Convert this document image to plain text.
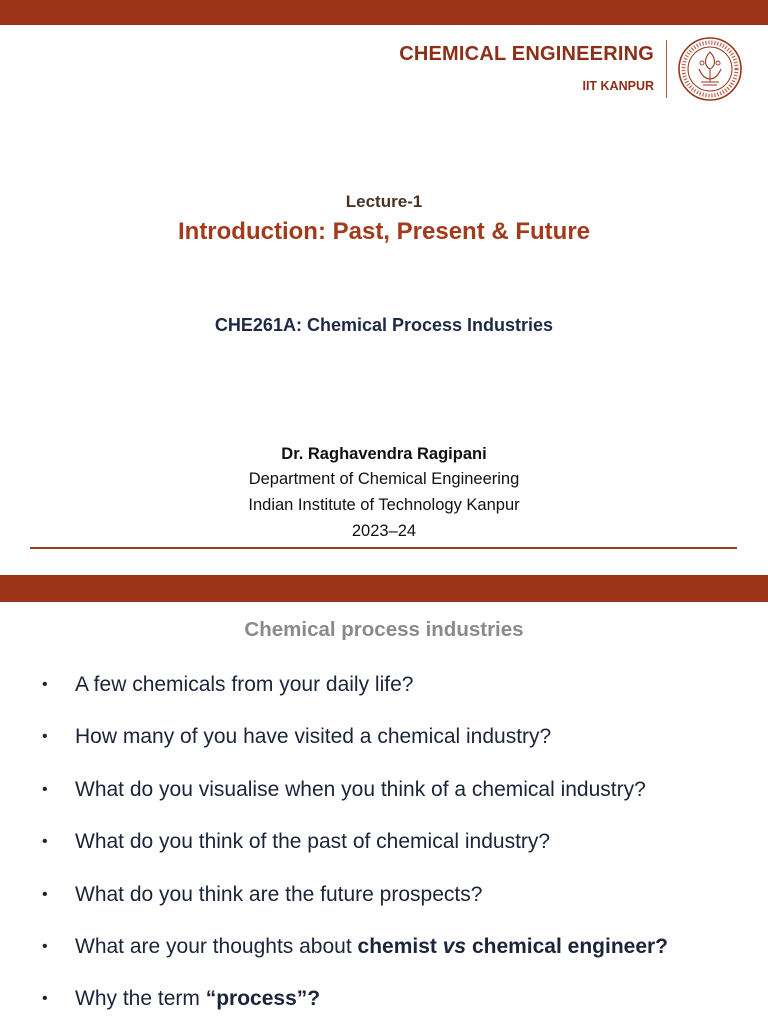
CHEMICAL ENGINEERING
IIT KANPUR
Lecture-1
Introduction: Past, Present & Future
CHE261A: Chemical Process Industries
Dr. Raghavendra Ragipani
Department of Chemical Engineering
Indian Institute of Technology Kanpur
2023–24
Chemical process industries
• A few chemicals from your daily life?
• How many of you have visited a chemical industry?
• What do you visualise when you think of a chemical industry?
• What do you think of the past of chemical industry?
• What do you think are the future prospects?
• What are your thoughts about chemist vs chemical engineer?
• Why the term “process”?
